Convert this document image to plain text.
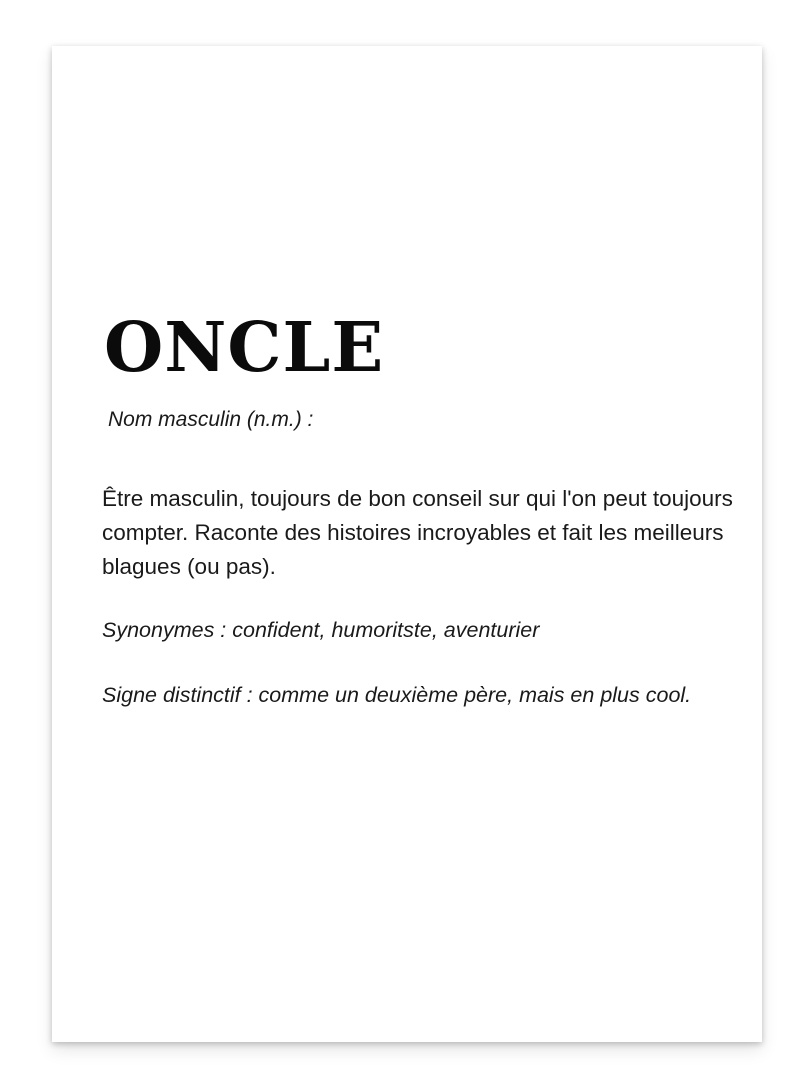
ONCLE

Nom masculin (n.m.) :

Être masculin, toujours de bon conseil sur qui l'on peut toujours compter. Raconte des histoires incroyables et fait les meilleurs blagues (ou pas).

Synonymes : confident, humoritste, aventurier

Signe distinctif : comme un deuxième père, mais en plus cool.
